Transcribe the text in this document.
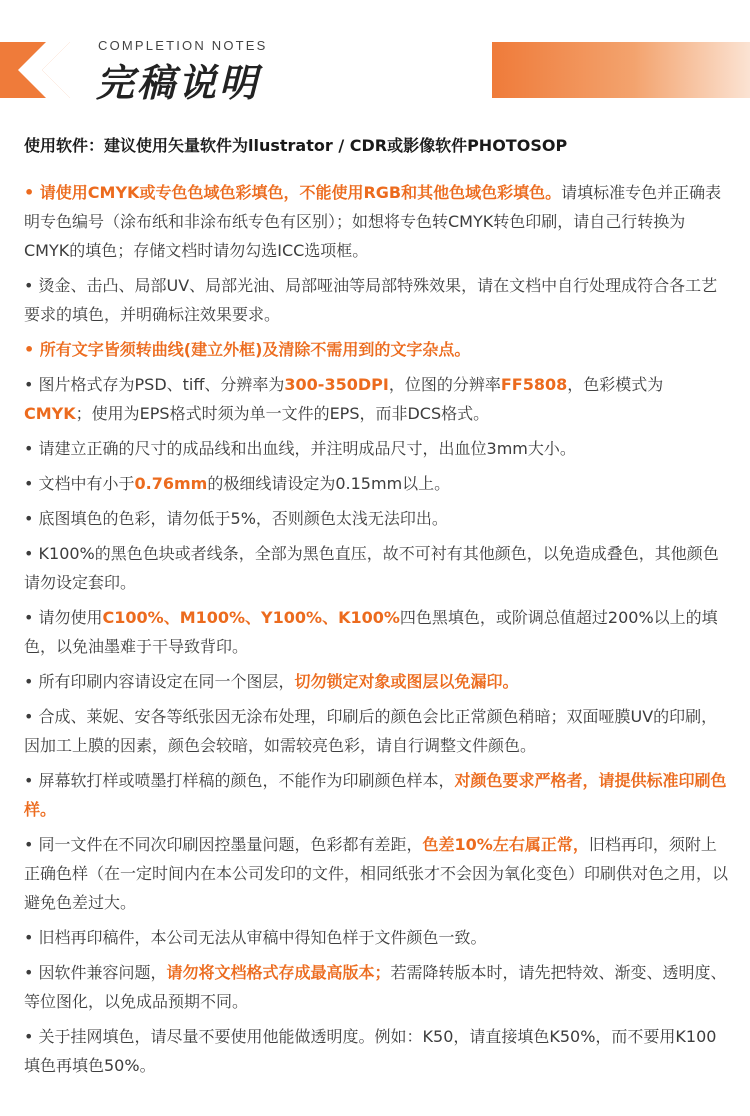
COMPLETION NOTES
完稿说明
使用软件：建议使用矢量软件为llustrator / CDR或影像软件PHOTOSOP
• 请使用CMYK或专色色域色彩填色，不能使用RGB和其他色域色彩填色。请填标准专色并正确表明专色编号（涂布纸和非涂布纸专色有区别）；如想将专色转CMYK转色印刷，请自己行转换为CMYK的填色；存储文档时请勿勾选ICC选项框。
• 烫金、击凸、局部UV、局部光油、局部哑油等局部特殊效果，请在文档中自行处理成符合各工艺要求的填色，并明确标注效果要求。
• 所有文字皆须转曲线(建立外框)及清除不需用到的文字杂点。
• 图片格式存为PSD、tiff、分辨率为300-350DPI，位图的分辨率FF5808，色彩模式为CMYK；使用为EPS格式时须为单一文件的EPS，而非DCS格式。
• 请建立正确的尺寸的成品线和出血线，并注明成品尺寸，出血位3mm大小。
• 文档中有小于0.76mm的极细线请设定为0.15mm以上。
• 底图填色的色彩，请勿低于5%，否则颜色太浅无法印出。
• K100%的黑色色块或者线条，全部为黑色直压，故不可衬有其他颜色，以免造成叠色，其他颜色请勿设定套印。
• 请勿使用C100%、M100%、Y100%、K100%四色黑填色，或阶调总值超过200%以上的填色，以免油墨难于干导致背印。
• 所有印刷内容请设定在同一个图层，切勿锁定对象或图层以免漏印。
• 合成、莱妮、安各等纸张因无涂布处理，印刷后的颜色会比正常颜色稍暗；双面哑膜UV的印刷，因加工上膜的因素，颜色会较暗，如需较亮色彩，请自行调整文件颜色。
• 屏幕软打样或喷墨打样稿的颜色，不能作为印刷颜色样本，对颜色要求严格者，请提供标准印刷色样。
• 同一文件在不同次印刷因控墨量问题，色彩都有差距，色差10%左右属正常，旧档再印，须附上正确色样（在一定时间内在本公司发印的文件，相同纸张才不会因为氧化变色）印刷供对色之用，以避免色差过大。
• 旧档再印稿件，本公司无法从审稿中得知色样于文件颜色一致。
• 因软件兼容问题，请勿将文档格式存成最高版本；若需降转版本时，请先把特效、渐变、透明度、等位图化，以免成品预期不同。
• 关于挂网填色，请尽量不要使用他能做透明度。例如：K50，请直接填色K50%，而不要用K100填色再填色50%。
